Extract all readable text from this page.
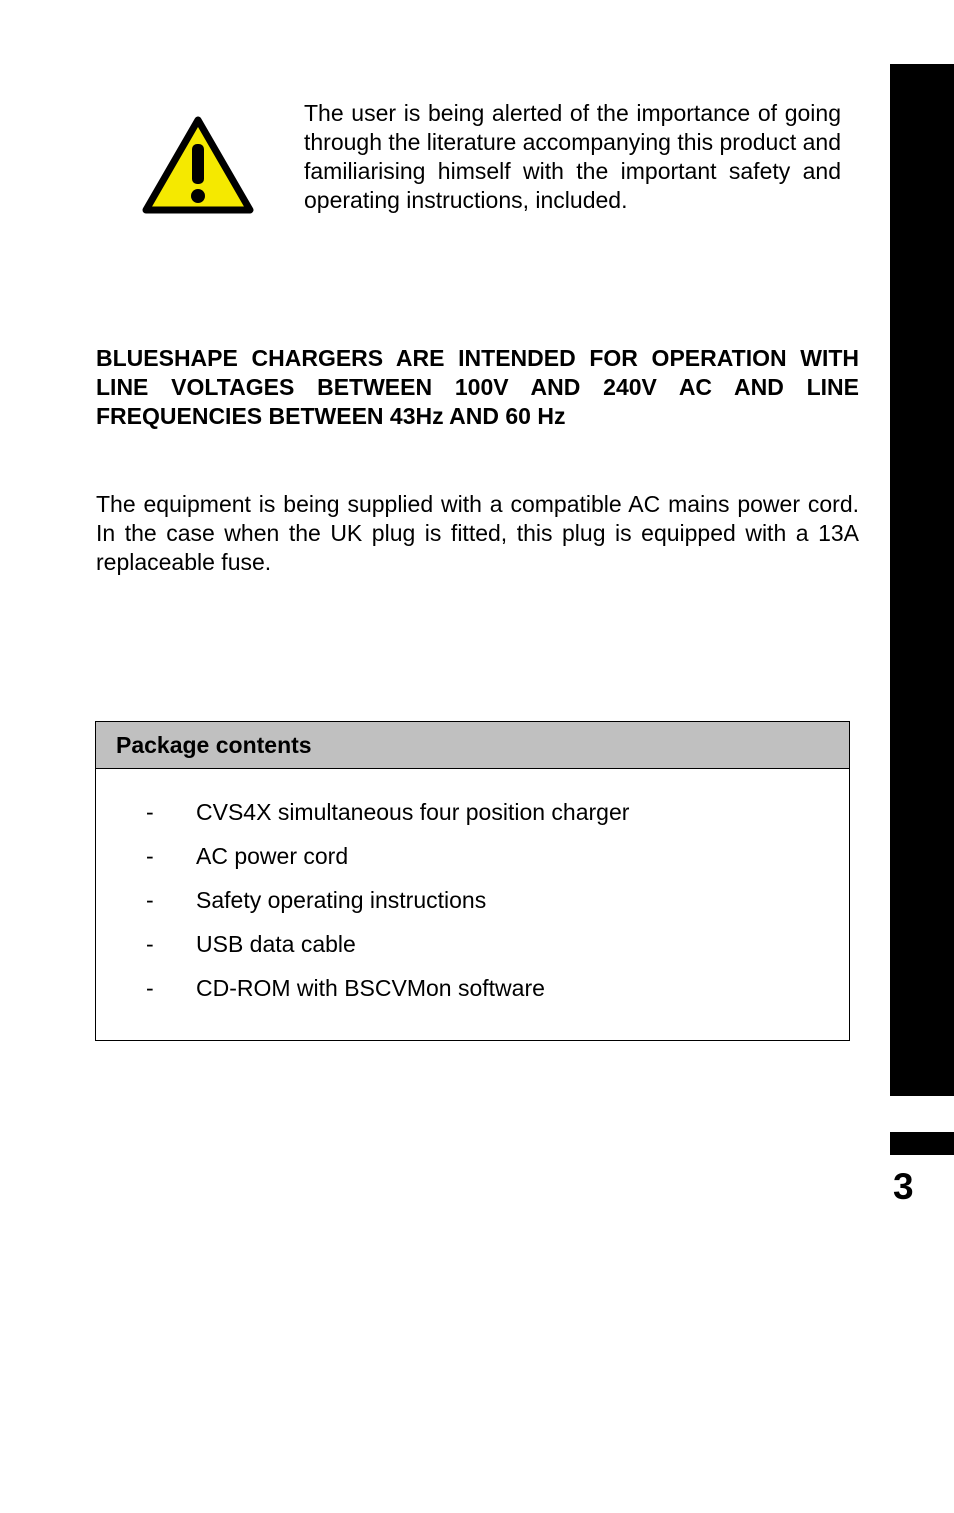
3

The user is being alerted of the importance of going through the literature accompanying this product and familiarising himself with the important safety and operating instructions, included.

BLUESHAPE CHARGERS ARE INTENDED FOR OPERATION WITH LINE VOLTAGES BETWEEN 100V AND 240V AC AND LINE FREQUENCIES BETWEEN 43Hz AND 60 Hz

The equipment is being supplied with a compatible AC mains power cord. In the case when the UK plug is fitted, this plug is equipped with a 13A replaceable fuse.

Package contents
- CVS4X simultaneous four position charger
- AC power cord
- Safety operating instructions
- USB data cable
- CD-ROM with BSCVMon software
